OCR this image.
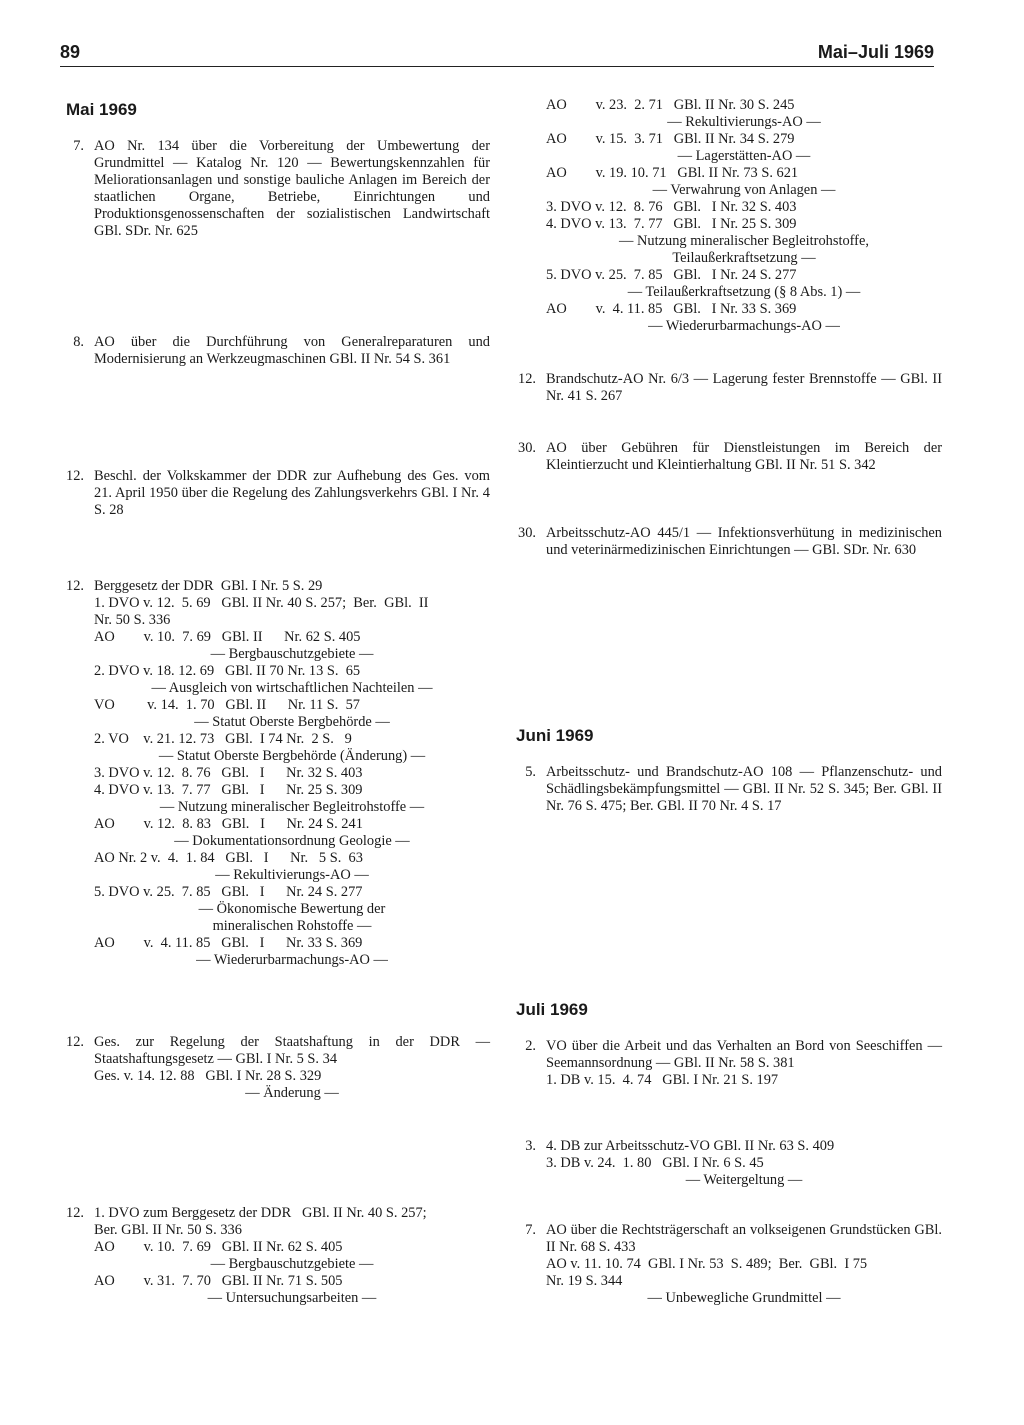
89	Mai–Juli 1969
Mai 1969
7. AO Nr. 134 über die Vorbereitung der Umbewertung der Grundmittel — Katalog Nr. 120 — Bewertungskennzahlen für Meliorationsanlagen und sonstige bauliche Anlagen im Bereich der staatlichen Organe, Betriebe, Einrichtungen und Produktionsgenossenschaften der sozialistischen Landwirtschaft GBl. SDr. Nr. 625
8. AO über die Durchführung von Generalreparaturen und Modernisierung an Werkzeugmaschinen GBl. II Nr. 54 S. 361
12. Beschl. der Volkskammer der DDR zur Aufhebung des Ges. vom 21. April 1950 über die Regelung des Zahlungsverkehrs GBl. I Nr. 4 S. 28
12. Berggesetz der DDR  GBl. I Nr. 5 S. 29
1. DVO v. 12.  5. 69   GBl. II Nr. 40 S. 257;  Ber.  GBl.  II
Nr. 50 S. 336
AO        v. 10.  7. 69   GBl. II      Nr. 62 S. 405
— Bergbauschutzgebiete —
2. DVO v. 18. 12. 69   GBl. II 70 Nr. 13 S.  65
— Ausgleich von wirtschaftlichen Nachteilen —
VO         v. 14.  1. 70   GBl. II      Nr. 11 S.  57
— Statut Oberste Bergbehörde —
2. VO    v. 21. 12. 73   GBl.  I 74 Nr.  2 S.   9
— Statut Oberste Bergbehörde (Änderung) —
3. DVO v. 12.  8. 76   GBl.   I      Nr. 32 S. 403
4. DVO v. 13.  7. 77   GBl.   I      Nr. 25 S. 309
— Nutzung mineralischer Begleitrohstoffe —
AO        v. 12.  8. 83   GBl.   I      Nr. 24 S. 241
— Dokumentationsordnung Geologie —
AO Nr. 2 v.  4.  1. 84   GBl.   I      Nr.   5 S.  63
— Rekultivierungs-AO —
5. DVO v. 25.  7. 85   GBl.   I      Nr. 24 S. 277
— Ökonomische Bewertung der
mineralischen Rohstoffe —
AO        v.  4. 11. 85   GBl.   I      Nr. 33 S. 369
— Wiederurbarmachungs-AO —
12. Ges. zur Regelung der Staatshaftung in der DDR — Staatshaftungsgesetz — GBl. I Nr. 5 S. 34
Ges. v. 14. 12. 88   GBl. I Nr. 28 S. 329
— Änderung —
12. 1. DVO zum Berggesetz der DDR   GBl. II Nr. 40 S. 257;
Ber. GBl. II Nr. 50 S. 336
AO        v. 10.  7. 69   GBl. II Nr. 62 S. 405
— Bergbauschutzgebiete —
AO        v. 31.  7. 70   GBl. II Nr. 71 S. 505
— Untersuchungsarbeiten —
AO        v. 23.  2. 71   GBl. II Nr. 30 S. 245
— Rekultivierungs-AO —
AO        v. 15.  3. 71   GBl. II Nr. 34 S. 279
— Lagerstätten-AO —
AO        v. 19. 10. 71   GBl. II Nr. 73 S. 621
— Verwahrung von Anlagen —
3. DVO v. 12.  8. 76   GBl.   I Nr. 32 S. 403
4. DVO v. 13.  7. 77   GBl.   I Nr. 25 S. 309
— Nutzung mineralischer Begleitrohstoffe,
Teilaußerkraftsetzung —
5. DVO v. 25.  7. 85   GBl.   I Nr. 24 S. 277
— Teilaußerkraftsetzung (§ 8 Abs. 1) —
AO        v.  4. 11. 85   GBl.   I Nr. 33 S. 369
— Wiederurbarmachungs-AO —
12. Brandschutz-AO Nr. 6/3 — Lagerung fester Brennstoffe — GBl. II Nr. 41 S. 267
30. AO über Gebühren für Dienstleistungen im Bereich der Kleintierzucht und Kleintierhaltung GBl. II Nr. 51 S. 342
30. Arbeitsschutz-AO 445/1 — Infektionsverhütung in medizinischen und veterinärmedizinischen Einrichtungen — GBl. SDr. Nr. 630
Juni 1969
5. Arbeitsschutz- und Brandschutz-AO 108 — Pflanzenschutz- und Schädlingsbekämpfungsmittel — GBl. II Nr. 52 S. 345; Ber. GBl. II Nr. 76 S. 475; Ber. GBl. II 70 Nr. 4 S. 17
Juli 1969
2. VO über die Arbeit und das Verhalten an Bord von Seeschiffen — Seemannsordnung — GBl. II Nr. 58 S. 381
1. DB v. 15.  4. 74   GBl. I Nr. 21 S. 197
3. 4. DB zur Arbeitsschutz-VO GBl. II Nr. 63 S. 409
3. DB v. 24.  1. 80   GBl. I Nr. 6 S. 45
— Weitergeltung —
7. AO über die Rechtsträgerschaft an volkseigenen Grundstücken GBl. II Nr. 68 S. 433
AO v. 11. 10. 74  GBl. I Nr. 53  S. 489;  Ber.  GBl.  I 75
Nr. 19 S. 344
— Unbewegliche Grundmittel —
